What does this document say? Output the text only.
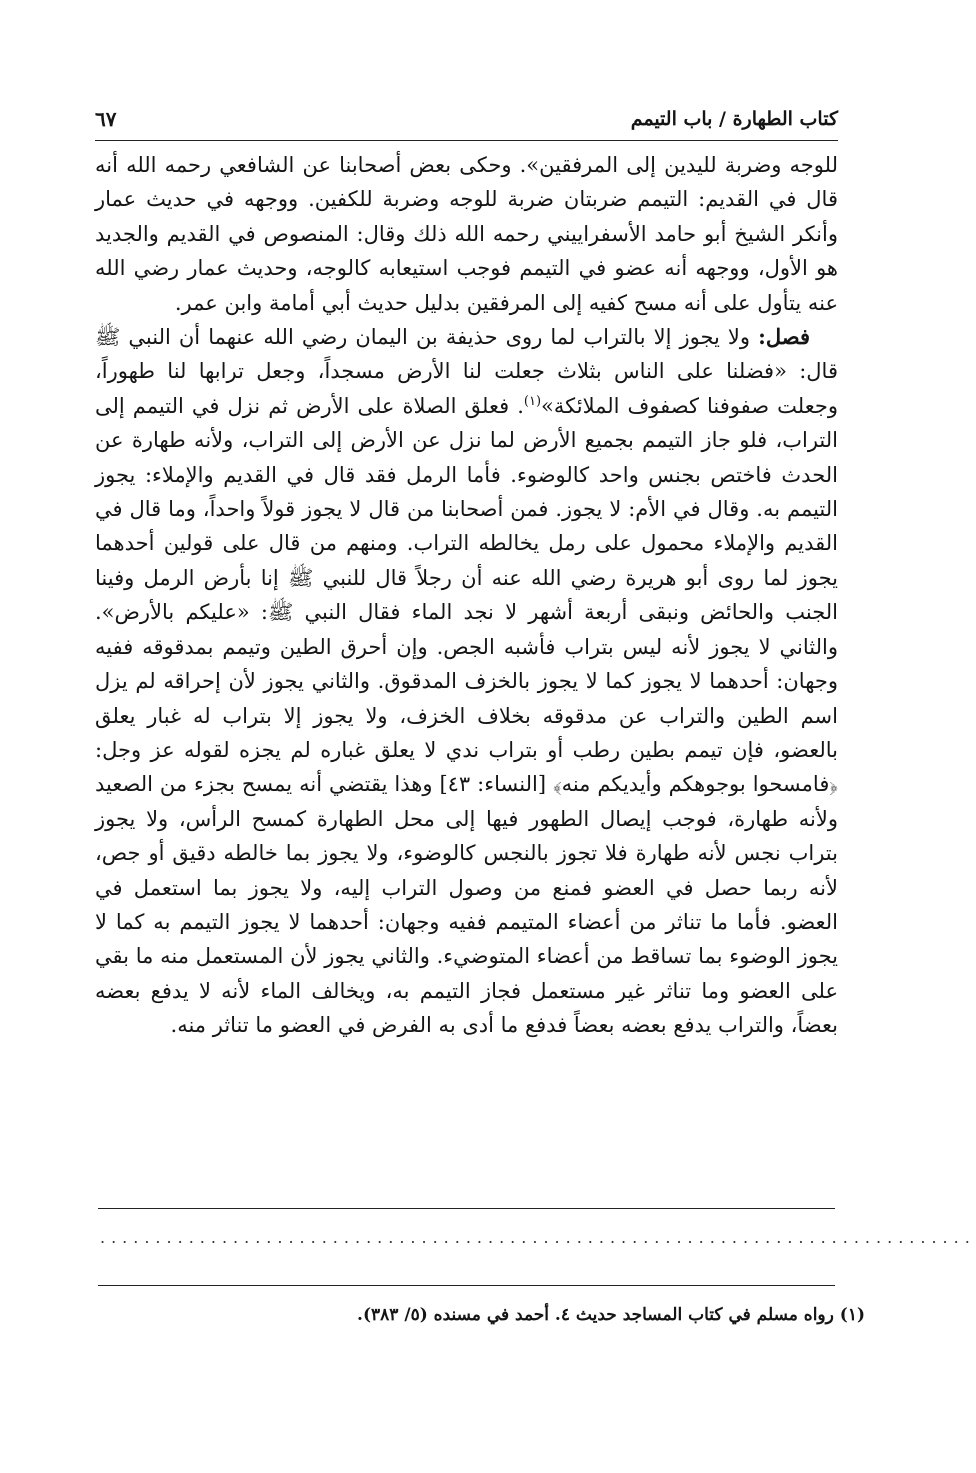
كتاب الطهارة / باب التيمم
٦٧

للوجه وضربة لليدين إلى المرفقين». وحكى بعض أصحابنا عن الشافعي رحمه الله أنه قال في القديم: التيمم ضربتان ضربة للوجه وضربة للكفين. ووجهه في حديث عمار وأنكر الشيخ أبو حامد الأسفراييني رحمه الله ذلك وقال: المنصوص في القديم والجديد هو الأول، ووجهه أنه عضو في التيمم فوجب استيعابه كالوجه، وحديث عمار رضي الله عنه يتأول على أنه مسح كفيه إلى المرفقين بدليل حديث أبي أمامة وابن عمر.

فصل: ولا يجوز إلا بالتراب لما روى حذيفة بن اليمان رضي الله عنهما أن النبي ﷺ قال: «فضلنا على الناس بثلاث جعلت لنا الأرض مسجداً، وجعل ترابها لنا طهوراً، وجعلت صفوفنا كصفوف الملائكة»$^{(١)}$. فعلق الصلاة على الأرض ثم نزل في التيمم إلى التراب، فلو جاز التيمم بجميع الأرض لما نزل عن الأرض إلى التراب، ولأنه طهارة عن الحدث فاختص بجنس واحد كالوضوء. فأما الرمل فقد قال في القديم والإملاء: يجوز التيمم به. وقال في الأم: لا يجوز. فمن أصحابنا من قال لا يجوز قولاً واحداً، وما قال في القديم والإملاء محمول على رمل يخالطه التراب. ومنهم من قال على قولين أحدهما يجوز لما روى أبو هريرة رضي الله عنه أن رجلاً قال للنبي ﷺ إنا بأرض الرمل وفينا الجنب والحائض ونبقى أربعة أشهر لا نجد الماء فقال النبي ﷺ: «عليكم بالأرض». والثاني لا يجوز لأنه ليس بتراب فأشبه الجص. وإن أحرق الطين وتيمم بمدقوقه ففيه وجهان: أحدهما لا يجوز كما لا يجوز بالخزف المدقوق. والثاني يجوز لأن إحراقه لم يزل اسم الطين والتراب عن مدقوقه بخلاف الخزف، ولا يجوز إلا بتراب له غبار يعلق بالعضو، فإن تيمم بطين رطب أو بتراب ندي لا يعلق غباره لم يجزه لقوله عز وجل: ﴿فامسحوا بوجوهكم وأيديكم منه﴾ [النساء: ٤٣] وهذا يقتضي أنه يمسح بجزء من الصعيد ولأنه طهارة، فوجب إيصال الطهور فيها إلى محل الطهارة كمسح الرأس، ولا يجوز بتراب نجس لأنه طهارة فلا تجوز بالنجس كالوضوء، ولا يجوز بما خالطه دقيق أو جص، لأنه ربما حصل في العضو فمنع من وصول التراب إليه، ولا يجوز بما استعمل في العضو. فأما ما تناثر من أعضاء المتيمم ففيه وجهان: أحدهما لا يجوز التيمم به كما لا يجوز الوضوء بما تساقط من أعضاء المتوضيء. والثاني يجوز لأن المستعمل منه ما بقي على العضو وما تناثر غير مستعمل فجاز التيمم به، ويخالف الماء لأنه لا يدفع بعضه بعضاً، والتراب يدفع بعضه بعضاً فدفع ما أدى به الفرض في العضو ما تناثر منه.

...............................................................................
(١) رواه مسلم في كتاب المساجد حديث ٤. أحمد في مسنده (٥/ ٣٨٣).
